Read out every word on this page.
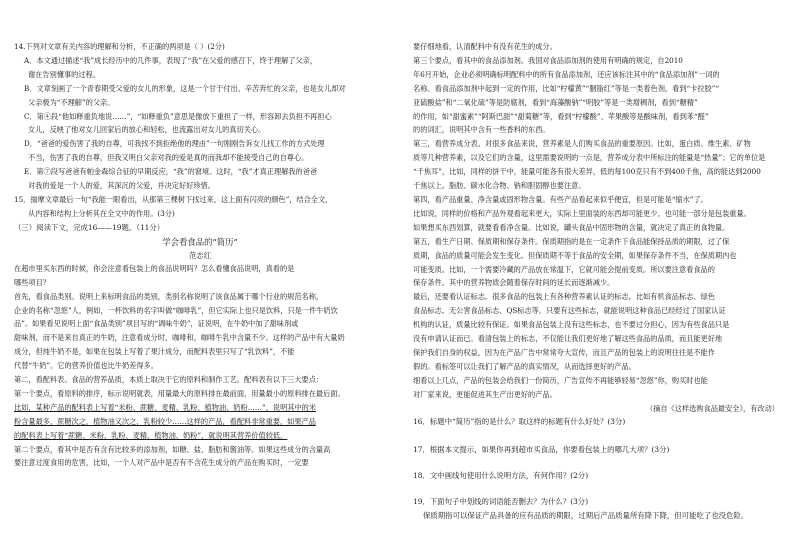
14.下列对文章有关内容的理解和分析，不正确的两项是（ ）(2分)
A．本文通过描述“我”成长经历中的几件事，表现了“我”在父爱的感召下，终于理解了父亲，
谢在告别懂事的过程。
B．文章刻画了一个青春期受父爱的女儿的形象，这是一个甘于付出、辛苦奔忙的父亲，也是女儿却对
父亲极为“不理解”的父亲。
C．第④段“他如释重负地说……”，“如释重负”意思是像放下重担了一样，形容卸去负担不再担心
女儿，反映了他对女儿回家后的放心和轻松，也流露出对女儿的真切关心。
D．“爸爸的爱伤害了我的自尊，可我找不到拒绝他的理由”一句刚刚告诉女儿找工作的方式处理
不当，伤害了我的自尊，但我又明白父亲对我的爱是真的而我却不能接受自己的自尊心。
E．第⑦段写爸爸有帕金森综合征的早期反应，“我”的窘境。这时，“我”才真正理解我的爸爸
对我的爱是一个人的爱，其深沉的父爱，并决定好好珍惜。
15．揣摩文章最后一句“我能一眼看出，从那第三棵树下找过来，这上面有闪亮的颜色”，结合全文，
从内容和结构上分析其在全文中的作用。(3分)
（三）阅读下文，完成16——19题。（11分）
学会看食品的“简历”
范志红
在超市里买东西的时候，你会注意看包装上的食品说明吗？怎么看懂食品说明，真看的是
哪些项目？
首先，看食品类别。说明上来标明食品的类别，类别名称说明了该食品属于哪个行业的规范名称，
企业的名称“忽悠”人，例如，一杯饮料的名字叫做“咖啡乳”，但它实际上也只是饮料，只是一件牛奶饮
品”。如果看见说明上面“食品类别”项目写的“调味牛奶”，证说明，在牛奶中加了甜味剂或
甜味剂，而不是来自真正的牛奶，注意看成分时，咖啡和，咖啡牛乳中含量不少。这样的产品中有大量奶
成分，但纯牛奶不是，如果在包装上写着了果汁成分，而配料表里只写了“乳饮料”，不能
代替“牛奶”。它的营养价值也比牛奶差得多。
第二，看配料表。食品的营养品质，本质上取决于它的原料和制作工艺。配料表有以下三大要点：
第一个要点，看原料的排序，标示说明就表，用量最大的原料排在最前面，用量最小的原料排在最后面。
比如，某种产品的配料表上写着“米粉、蔗糖、麦精、乳粉、植物油、奶粉……”，说明其中的米
粉含量最多，蔗糖次之，植物油又次之，乳粉较少……这样的产品，看配料非常重要，如果产品
的配料表上写着“蔗糖、米粉、乳粉、麦精、植物油、奶粉”，就说明其营养价值较低。
第二个要点，看其中是否有含有比较多的添加剂，如糖、盐、脂肪和酱油等。如果这些成分的含量高
要注意过度食用的危害，比如，一个人对产品中是否有不含花生成分的产品在购买时，一定要
要仔细地看，认清配料中有没有花生的成分。
第三个要点，看其中的食品添加剂。我国对食品添加剂的使用有明确的规定，自2010
年6月开始，企业必须明确标明配料中的所有食品添加剂，还应该标注其中的“食品添加剂”一词的
名称。看食品添加剂中起到一定的作用，比如“柠檬黄”“胭脂红”等是一类着色剂，看到“卡拉胶”“
亚硫酸盐”和“二氧化硫”等是防腐剂，看到“海藻酸钠”“明胶”等是一类增稠剂，看到“糖精”
的作用，如“甜蜜素”“阿斯巴甜”“甜菊糖”等，看到“柠檬酸”、苹果酸等是酸味剂，看到苯“醛”
的的词汇，说明其中含有一些香料的东西。
第三，看营养成分表。对很多食品来说，营养素是人们购买食品的重要原因。比如，蛋白质、维生素、矿物
质等几种营养素，以及它们的含量，这里需要说明的一点是，营养成分表中所标注的能量是“热量”；它的单位是
“千焦耳”，比如，同样的饼干中，能量可能各有很大差异，低的每100克只有不到400千焦，高的能达到2000
千焦以上。脂肪、碳水化合物、钠和胆固醇也要注意。
第四，看产品重量、净含量或固形物含量。有些产品看起来似乎便宜，但是可能是“缩水”了。
比如说，同样的价格和产品外观看起来更大，实际上里面装的东西却可能更少。也可能一部分是包装重量。
如果想买东西划算，就要看看净含量。比如说，罐头食品中固形物的含量，就决定了真正的食物量。
第五，看生产日期、保质期和保存条件。保质期指的是在一定条件下食品能保持品质的期限，过了保
质期，食品的质量可能会发生变化。但保质期不等于食品的安全期，如果保存条件不当，在保质期内也
可能变质。比如，一个需要冷藏的产品放在常温下，它就可能会提前变质。所以要注意看食品的
保存条件。其中的营养物质会随着保存时间的延长而逐渐减少。
最后，还要看认证标志。很多食品的包装上有各种营养素认证的标志，比如有机食品标志、绿色
食品标志、无公害食品标志、QS标志等。只要有这些标志，就能说明这种食品已经经过了国家认证
机构的认证，质量比较有保证。如果食品包装上没有这些标志，也不要过分担心，因为有些食品只是
没有申请认证而已。看清包装上的标志，不仅能让我们更好地了解这些食品的品质，而且能更好地
保护我们自身的权益，因为在产品广告中常常夸大宣传，而且产品的包装上的说明往往是不能作
假的。看标签可以让我们了解产品的真实情况，从而选择更好的产品。
细看以上几点，产品的包装会给我们一份简历，广告宣传不再能够轻易“忽悠”你，购买时也能
对厂家来说，更能促进其生产出更好的产品。
（摘自《这样选购食品最安全》，有改动）
16．标题中“简历”指的是什么？取这样的标题有什么好处？(3分)
17．根据本文提示，如果你再到超市买食品，你要看包装上的哪几大项？(3分)
18．文中画线句使用什么说明方法，有何作用？(2分)
19．下面句子中划线的词语能否删去？为什么？(3分)
保质期指可以保证产品具备的应有品质的期限，过期后产品质量所有降下降，但可能吃了也没危险。
